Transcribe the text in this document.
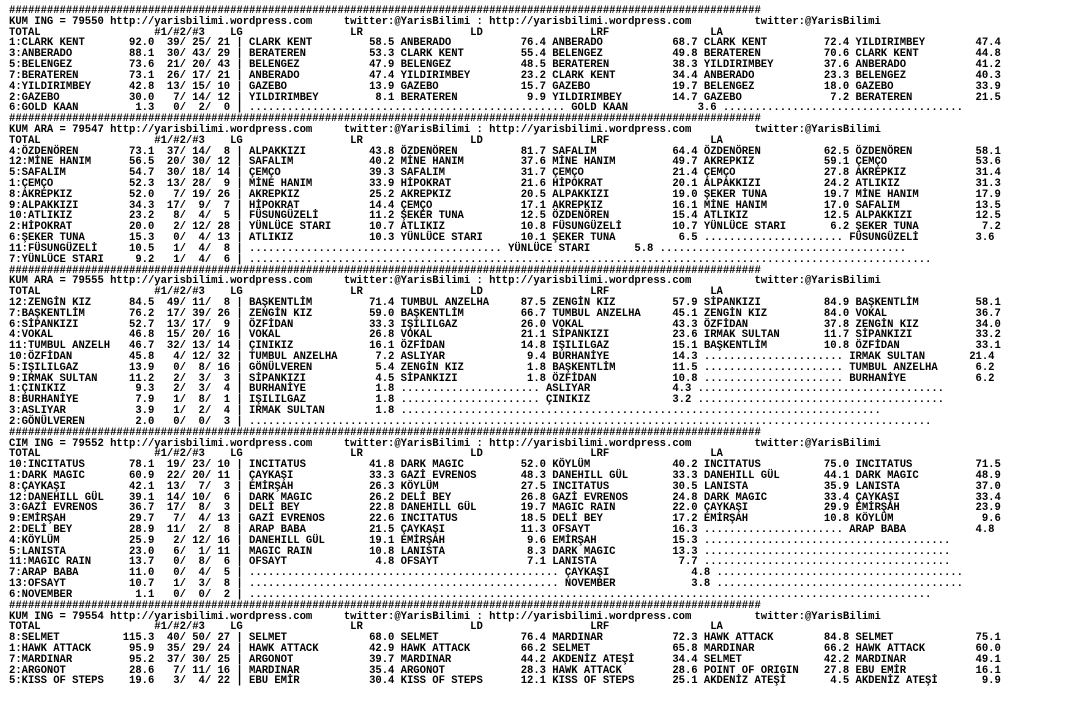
#######################################################################################################################
KUM ING = 79550 http://yarisbilimi.wordpress.com     twitter:@YarisBilimi : http://yarisbilimi.wordpress.com          twitter:@YarisBilimi
TOTAL                  #1/#2/#3    LG                 LR                 LD                 LRF                LA
1:CLARK KENT       92.0  39/ 25/ 21 | CLARK KENT         58.5 ANBERADO           76.4 ANBERADO           68.7 CLARK KENT         72.4 YILDIRIMBEY        47.4
3:ANBERADO         88.1  30/ 43/ 29 | BERATEREN          53.3 CLARK KENT         55.4 BELENGEZ           49.8 BERATEREN          70.6 CLARK KENT         44.8
5:BELENGEZ         73.6  21/ 20/ 43 | BELENGEZ           47.9 BELENGEZ           48.5 BERATEREN          38.3 YILDIRIMBEY        37.6 ANBERADO           41.2
7:BERATEREN        73.1  26/ 17/ 21 | ANBERADO           47.4 YILDIRIMBEY        23.2 CLARK KENT         34.4 ANBERADO           23.3 BELENGEZ           40.3
4:YILDIRIMBEY      42.8  13/ 15/ 10 | GAZEBO             13.9 GAZEBO             15.7 GAZEBO             19.7 BELENGEZ           18.0 GAZEBO             33.9
2:GAZEBO           30.0   7/ 14/ 12 | YILDIRIMBEY         8.1 BERATEREN           9.9 YILDIRIMBEY        14.7 GAZEBO              7.2 BERATEREN          21.5
6:GOLD KAAN         1.3   0/  2/  0 | .................................................. GOLD KAAN           3.6 ......................................
#######################################################################################################################
KUM ARA = 79547 http://yarisbilimi.wordpress.com     twitter:@YarisBilimi : http://yarisbilimi.wordpress.com          twitter:@YarisBilimi
TOTAL                  #1/#2/#3    LG                 LR                 LD                 LRF                LA
4:ÖZDENÖREN        73.1  37/ 14/  8 | ALPAKKIZI          43.8 ÖZDENÖREN          81.7 SAFALIM            64.4 ÖZDENÖREN          62.5 ÖZDENÖREN          58.1
12:MİNE HANIM      56.5  20/ 30/ 12 | SAFALIM            40.2 MİNE HANIM         37.6 MİNE HANIM         49.7 AKREPKIZ           59.1 ÇEMÇO              53.6
5:SAFALIM          54.7  30/ 18/ 14 | ÇEMÇO              39.3 SAFALIM            31.7 ÇEMÇO              21.4 ÇEMÇO              27.8 AKREPKIZ           31.4
1:ÇEMÇO            52.3  13/ 28/  9 | MİNE HANIM         33.9 HİPOKRAT           21.6 HİPOKRAT           20.1 ALPAKKIZI          24.2 ATLIKIZ            31.3
8:AKREPKIZ         52.0   7/ 19/ 26 | AKREPKIZ           25.2 AKREPKIZ           20.5 ALPAKKIZI          19.0 ŞEKER TUNA         19.7 MİNE HANIM         17.9
9:ALPAKKIZI        34.3  17/  9/  7 | HİPOKRAT           14.4 ÇEMÇO              17.1 AKREPKIZ           16.1 MİNE HANIM         17.0 SAFALIM            13.5
10:ATLIKIZ         23.2   8/  4/  5 | FÜSUNGÜZELİ        11.2 ŞEKER TUNA         12.5 ÖZDENÖREN          15.4 ATLIKIZ            12.5 ALPAKKIZI          12.5
2:HİPOKRAT         20.0   2/ 12/ 28 | YÜNLÜCE STARI      10.7 ATLIKIZ            10.8 FÜSUNGÜZELİ        10.7 YÜNLÜCE STARI       6.2 ŞEKER TUNA          7.2
6:ŞEKER TUNA       15.3   0/  4/ 13 | ATLIKIZ            10.3 YÜNLÜCE STARI      10.1 ŞEKER TUNA          6.5 ...................... FÜSUNGÜZELİ         3.6
11:FÜSUNGÜZELİ     10.5   1/  4/  8 | ........................................ YÜNLÜCE STARI       5.8 .......................................
7:YÜNLÜCE STARI     9.2   1/  4/  6 | ............................................................................................................
#######################################################################################################################
KUM ARA = 79555 http://yarisbilimi.wordpress.com     twitter:@YarisBilimi : http://yarisbilimi.wordpress.com          twitter:@YarisBilimi
TOTAL                  #1/#2/#3    LG                 LR                 LD                 LRF                LA
12:ZENGİN KIZ      84.5  49/ 11/  8 | BAŞKENTLİM         71.4 TUMBUL ANZELHA     87.5 ZENGİN KIZ         57.9 SİPANKIZI          84.9 BAŞKENTLİM         58.1
7:BAŞKENTLİM       76.2  17/ 39/ 26 | ZENGİN KIZ         59.0 BAŞKENTLİM         66.7 TUMBUL ANZELHA     45.1 ZENGİN KIZ         84.0 VOKAL              36.7
6:SİPANKIZI        52.7  13/ 17/  9 | ÖZFİDAN            33.3 IŞILILGAZ          26.0 VOKAL              43.3 ÖZFİDAN            37.8 ZENGİN KIZ         34.0
4:VOKAL            46.8  15/ 20/ 16 | VOKAL              26.8 VOKAL              21.1 SİPANKIZI          23.6 IRMAK SULTAN       11.7 SİPANKIZI          33.2
11:TUMBUL ANZELH   46.7  32/ 13/ 14 | ÇINIKIZ            16.1 ÖZFİDAN            14.8 IŞILILGAZ          15.1 BAŞKENTLİM         10.8 ÖZFİDAN            33.1
10:ÖZFİDAN         45.8   4/ 12/ 32 | TUMBUL ANZELHA      7.2 ASLIYAR             9.4 BURHANİYE          14.3 ...................... IRMAK SULTAN       21.4
5:IŞILILGAZ        13.9   0/  8/ 16 | GÖNÜLVEREN          5.4 ZENGİN KIZ          1.8 BAŞKENTLİM         11.5 ...................... TUMBUL ANZELHA      6.2
9:IRMAK SULTAN     11.2   2/  3/  3 | SİPANKIZI           4.5 SİPANKIZI           1.8 ÖZFİDAN            10.8 ...................... BURHANİYE           6.2
1:ÇINIKIZ           9.3   2/  3/  4 | BURHANİYE           1.8 ...................... ASLIYAR             4.3 .......................................
8:BURHANİYE         7.9   1/  8/  1 | IŞILILGAZ           1.8 ...................... ÇINIKIZ             3.2 .......................................
3:ASLIYAR           3.9   1/  2/  4 | IRMAK SULTAN        1.8 ............................................................................
2:GÖNÜLVEREN        2.0   0/  0/  3 | ............................................................................................................
#######################################################################################################################
CIM ING = 79552 http://yarisbilimi.wordpress.com     twitter:@YarisBilimi : http://yarisbilimi.wordpress.com          twitter:@YarisBilimi
TOTAL                  #1/#2/#3    LG                 LR                 LD                 LRF                LA
10:INCITATUS       78.1  19/ 23/ 10 | INCITATUS          41.8 DARK MAGIC         52.0 KÖYLÜM             40.2 INCITATUS          75.0 INCITATUS          71.5
1:DARK MAGIC       60.9  22/ 20/ 11 | ÇAYKAŞI            33.3 GAZİ EVRENOS       48.3 DANEHILL GÜL       33.3 DANEHILL GÜL       44.1 DARK MAGIC         48.9
8:ÇAYKAŞI          42.1  13/  7/  3 | EMİRŞAH            26.3 KÖYLÜM             27.5 INCITATUS          30.5 LANISTA            35.9 LANISTA            37.0
12:DANEHILL GÜL    39.1  14/ 10/  6 | DARK MAGIC         26.2 DELİ BEY           26.8 GAZİ EVRENOS       24.8 DARK MAGIC         33.4 ÇAYKAŞI            33.4
3:GAZİ EVRENOS     36.7  17/  8/  3 | DELİ BEY           22.8 DANEHILL GÜL       19.7 MAGIC RAIN         22.0 ÇAYKAŞI            29.9 EMİRŞAH            23.9
9:EMİRŞAH          29.7   7/  4/ 13 | GAZİ EVRENOS       22.6 INCITATUS          18.5 DELİ BEY           17.2 EMİRŞAH            10.8 KÖYLÜM              9.6
2:DELİ BEY         28.9  11/  2/  8 | ARAP BABA          21.5 ÇAYKAŞI            11.3 OFSAYT             16.3 ...................... ARAP BABA           4.8
4:KÖYLÜM           25.9   2/ 12/ 16 | DANEHILL GÜL       19.1 EMİRŞAH             9.6 EMİRŞAH            15.3 .......................................
5:LANISTA          23.0   6/  1/ 11 | MAGIC RAIN         10.8 LANISTA             8.3 DARK MAGIC         13.3 .......................................
11:MAGIC RAIN      13.7   0/  8/  6 | OFSAYT              4.8 OFSAYT              7.1 LANISTA             7.7 .......................................
7:ARAP BABA        11.0   0/  4/  5 | ................................................. ÇAYKAŞI             4.8 .......................................
13:OFSAYT          10.7   1/  3/  8 | ................................................. NOVEMBER            3.8 .......................................
6:NOVEMBER          1.1   0/  0/  2 | ............................................................................................................
#######################################################################################################################
KUM ING = 79554 http://yarisbilimi.wordpress.com     twitter:@YarisBilimi : http://yarisbilimi.wordpress.com          twitter:@YarisBilimi
TOTAL                  #1/#2/#3    LG                 LR                 LD                 LRF                LA
8:SELMET          115.3  40/ 50/ 27 | SELMET             68.0 SELMET             76.4 MARDINAR           72.3 HAWK ATTACK        84.8 SELMET             75.1
1:HAWK ATTACK      95.9  35/ 29/ 24 | HAWK ATTACK        42.9 HAWK ATTACK        66.2 SELMET             65.8 MARDINAR           66.2 HAWK ATTACK        60.0
7:MARDINAR         95.2  37/ 30/ 25 | ARGONOT            39.7 MARDINAR           44.2 AKDENİZ ATEŞİ      34.4 SELMET             42.2 MARDINAR           49.1
2:ARGONOT          28.6   7/ 11/ 16 | MARDINAR           35.4 ARGONOT            28.3 HAWK ATTACK        28.6 POINT OF ORIGIN    27.8 EBU EMİR           16.1
5:KISS OF STEPS    19.6   3/  4/ 22 | EBU EMİR           30.4 KISS OF STEPS      12.1 KISS OF STEPS      25.1 AKDENİZ ATEŞİ       4.5 AKDENİZ ATEŞİ       9.9
